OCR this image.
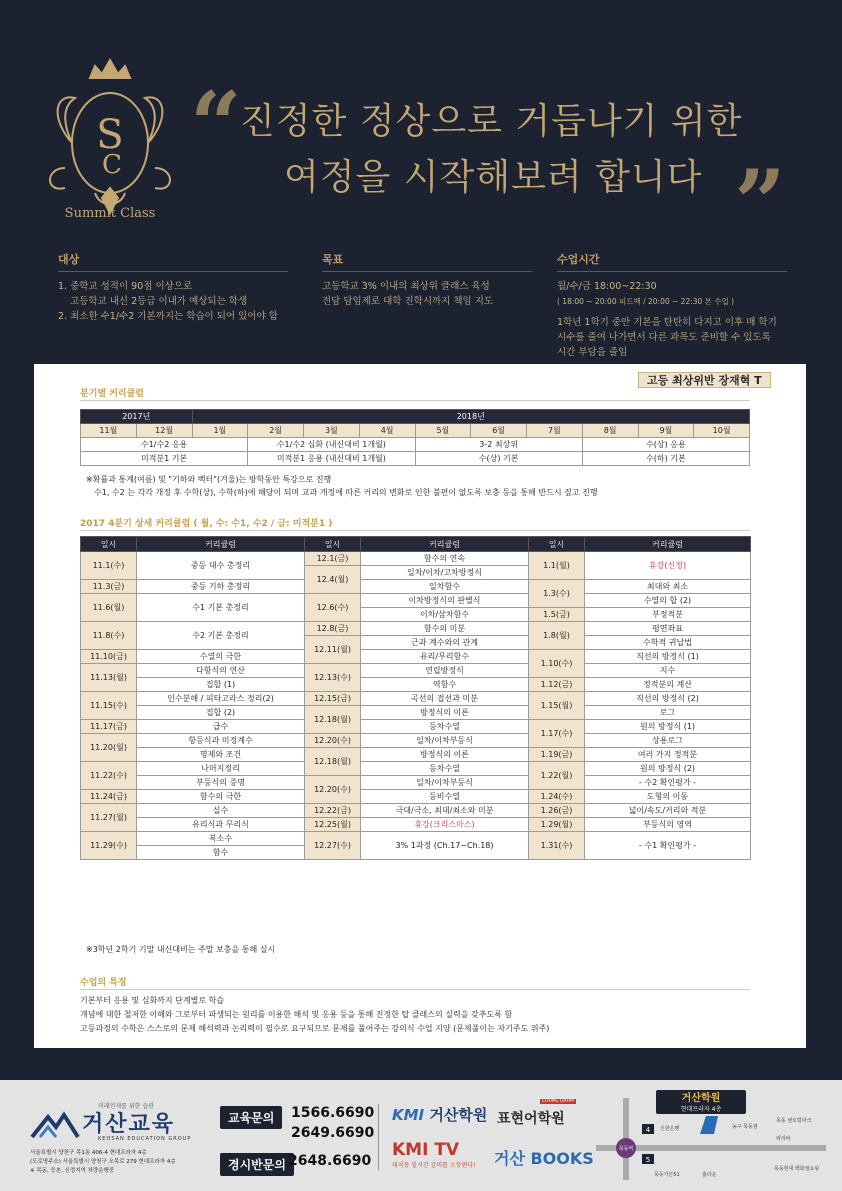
S
C
Summit Class
“
진정한 정상으로 거듭나기 위한
여정을 시작해보려 합니다 ”
대상
1. 중학교 성적이 90점 이상으로
고등학교 내신 2등급 이내가 예상되는 학생
2. 최소한 수1/수2 기본까지는 학습이 되어 있어야 함
목표
고등학교 3% 이내의 최상위 클래스 육성
전담 담임제로 대학 진학시까지 책임 지도
수업시간
월/수/금 18:00~22:30
( 18:00 ~ 20:00 피드백 / 20:00 ~ 22:30 본 수업 )
1학년 1학기 중안 기본을 탄탄히 다지고 이후 매 학기
시수를 줄여 나가면서 다른 과목도 준비할 수 있도록
시간 부담을 줄임
고등 최상위반 장재혁 T
분기별 커리큘럼
2017년		2018년									
11월	12월	1월	2월	3월	4월	5월	6월	7월	8월	9월	10월
수1/수2 응용			수1/수2 심화 (내신대비 1개월)			3-2 최상위			수(상) 응용		
미적분1 기본			미적분1 응용 (내신대비 1개월)			수(상) 기본			수(하) 기본		
※확률과 통계(여름) 및 "기하와 벡터"(겨울)는 방학동안 특강으로 진행
수1, 수2 는 각각 개정 후 수학(상), 수학(하)에 해당이 되며 교과 개정에 따른 커리의 변화로 인한 불편이 없도록 보충 등을 통해 반드시 짚고 진행
2017 4분기 상세 커리큘럼 ( 월, 수: 수1, 수2 / 금: 미적분1 )
일시	커리큘럼	일시	커리큘럼	일시	커리큘럼
11.1(수)	중등 대수 총정리	12.1(금)	함수의 연속	1.1(월)	휴강(신정)
		12.4(월)	일차/이차/고차방정식		
11.3(금)	중등 기하 총정리		일차함수	1.3(수)	최대와 최소
11.6(월)	수1 기본 총정리	12.6(수)	이차방정식의 판별식		수열의 합 (2)
			이차/삼차함수	1.5(금)	부정적분
11.8(수)	수2 기본 총정리	12.8(금)	함수의 미분	1.8(월)	평면좌표
		12.11(월)	근과 계수와의 관계		수학적 귀납법
11.10(금)	수열의 극한		유리/무리함수	1.10(수)	직선의 방정식 (1)
11.13(월)	다항식의 연산	12.13(수)	연립방정식		지수
	집합 (1)		역함수	1.12(금)	정적분의 계산
11.15(수)	인수분해 / 피타고라스 정리(2)	12.15(금)	곡선의 접선과 미분	1.15(월)	직선의 방정식 (2)
	집합 (2)	12.18(월)	방정식의 이론		로그
11.17(금)	급수		등차수열	1.17(수)	원의 방정식 (1)
11.20(월)	항등식과 미정계수	12.20(수)	일차/이차부등식		상용로그
	명제와 조건	12.18(월)	방정식의 이론	1.19(금)	여러 가지 정적분
11.22(수)	나머지정리		등차수열	1.22(월)	원의 방정식 (2)
	부등식의 증명	12.20(수)	일차/이차부등식		- 수2 확인평가 -
11.24(금)	함수의 극한		등비수열	1.24(수)	도형의 이동
11.27(월)	실수	12.22(금)	극대/극소, 최대/최소와 미분	1.26(금)	넓이/속도/거리와 적분
	유리식과 무리식	12.25(월)	휴강(크리스마스)	1.29(월)	부등식의 영역
11.29(수)	복소수	12.27(수)	3% 1과정 (Ch.17~Ch.18)	1.31(수)	- 수1 확인평가 -
	함수				
※3학년 2학기 기말 내신대비는 주말 보충을 통해 실시
수업의 특징
기본부터 응용 및 심화까지 단계별로 학습
개념에 대한 철저한 이해와 그로부터 파생되는 원리를 이용한 해석 및 응용 등을 통해 진정한 탑 클래스의 실력을 갖추도록 함
고등과정의 수학은 스스로의 문제 해석력과 논리력이 필수로 요구되므로 문제를 풀어주는 강의식 수업 지양 (문제풀이는 자기주도 위주)
미래인재를 위한 습관
거산교육
KEOSAN EDUCATION GROUP
서울특별시 양천구 목1동 406-4 현대프라자 4층
(도로명주소) 서울특별시 양천구 오목로 279 현대프라자 4층
※ 목동, 등촌, 신정지역 차량운행중
교육문의	1566.6690
2649.6690
경시반문의 2648.6690
KMI 거산학원
CHUNG DAHM
표현어학원
KMI TV
대치동 일시간 감의를 소등편다! 거산 BOOKS
거산학원
현대프라자 4층
4
5
목동역
신한은행	농구 목동점
목동 센트럴파크
파리바
목동가든51	홈타운
목동현대 백화점쇼핑
